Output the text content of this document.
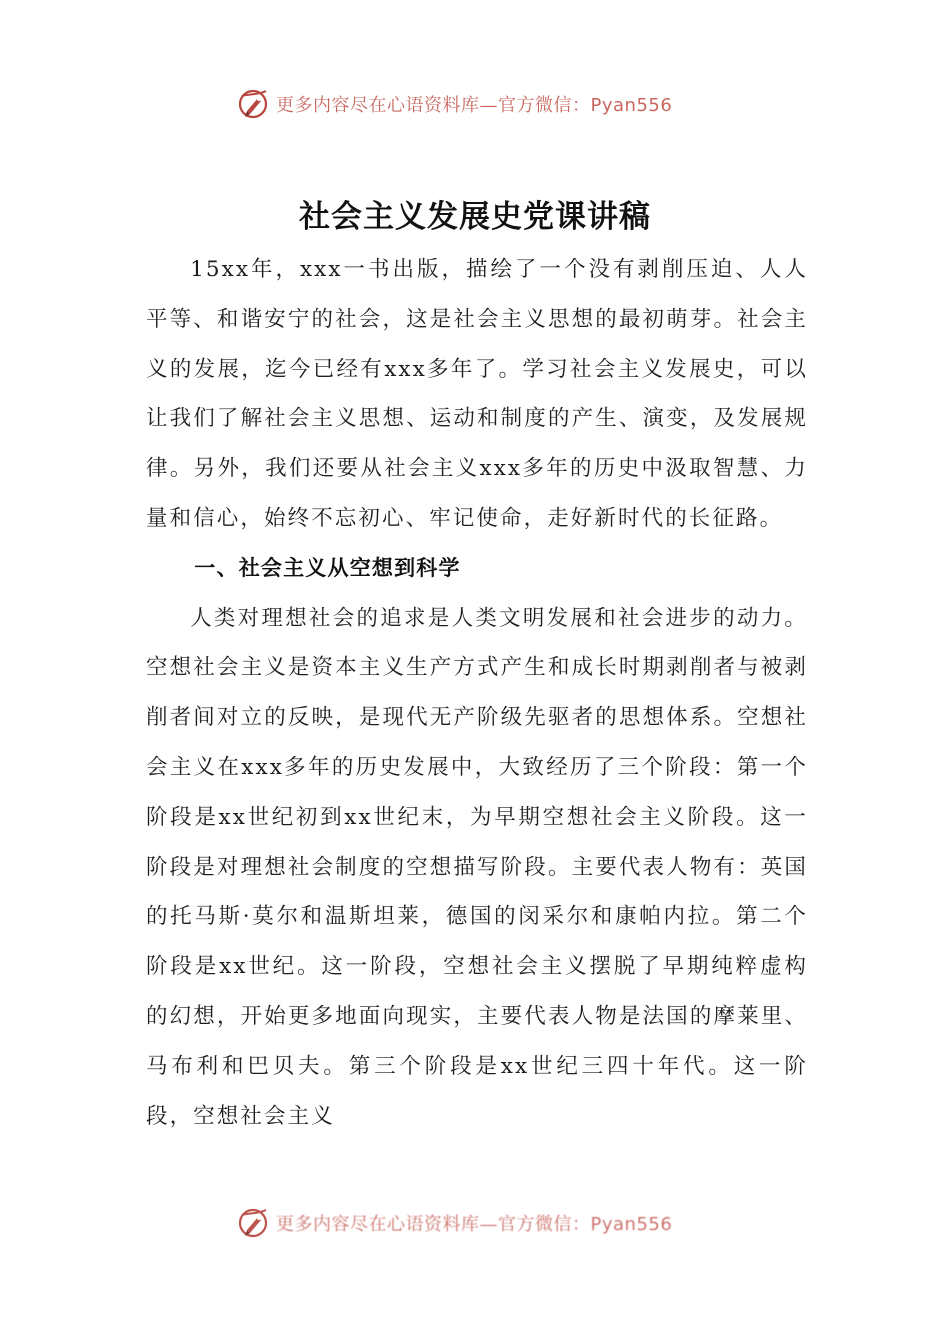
更多内容尽在心语资料库—官方微信：Pyan556
社会主义发展史党课讲稿

15xx年，xxx一书出版，描绘了一个没有剥削压迫、人人平等、和谐安宁的社会，这是社会主义思想的最初萌芽。社会主义的发展，迄今已经有xxx多年了。学习社会主义发展史，可以让我们了解社会主义思想、运动和制度的产生、演变，及发展规律。另外，我们还要从社会主义xxx多年的历史中汲取智慧、力量和信心，始终不忘初心、牢记使命，走好新时代的长征路。

一、社会主义从空想到科学

人类对理想社会的追求是人类文明发展和社会进步的动力。空想社会主义是资本主义生产方式产生和成长时期剥削者与被剥削者间对立的反映，是现代无产阶级先驱者的思想体系。空想社会主义在xxx多年的历史发展中，大致经历了三个阶段：第一个阶段是xx世纪初到xx世纪末，为早期空想社会主义阶段。这一阶段是对理想社会制度的空想描写阶段。主要代表人物有：英国的托马斯·莫尔和温斯坦莱，德国的闵采尔和康帕内拉。第二个阶段是xx世纪。这一阶段，空想社会主义摆脱了早期纯粹虚构的幻想，开始更多地面向现实，主要代表人物是法国的摩莱里、马布利和巴贝夫。第三个阶段是xx世纪三四十年代。这一阶段，空想社会主义

更多内容尽在心语资料库—官方微信：Pyan556
